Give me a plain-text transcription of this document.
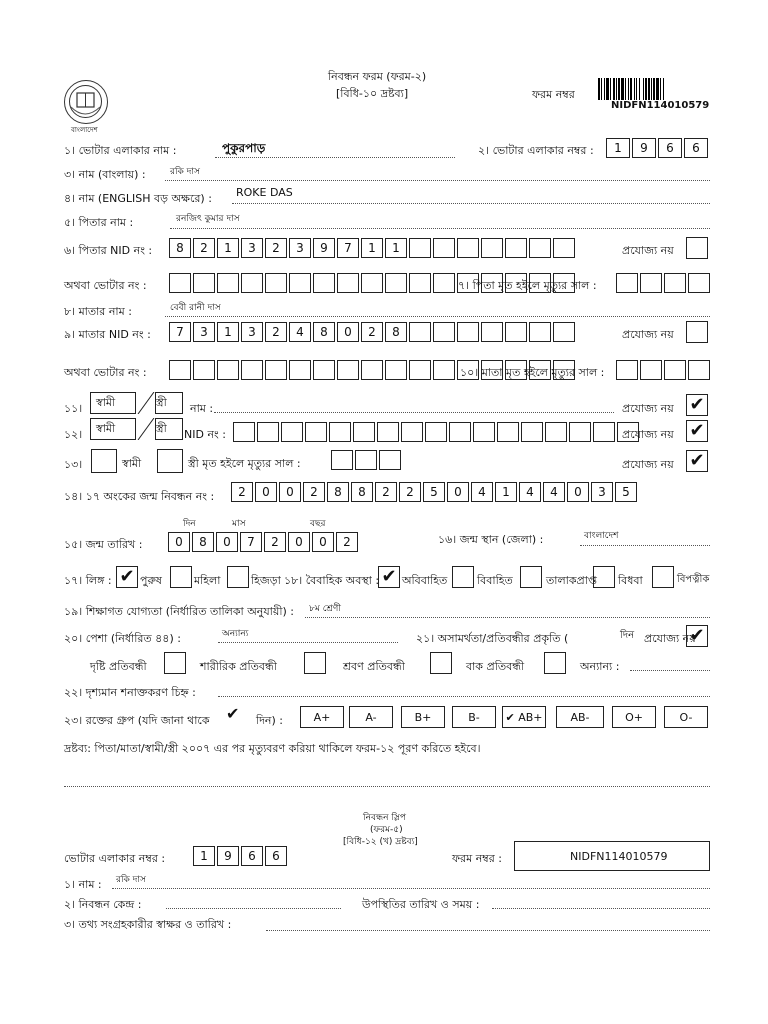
বাংলাদেশ
নিবন্ধন ফরম (ফরম-২)
[বিধি-১০ দ্রষ্টব্য]	ফরম নম্বর
NIDFN114010579
১। ভোটার এলাকার নাম :	পুকুরপাড়	২। ভোটার এলাকার নম্বর :	1	9	6	6
৩। নাম (বাংলায়) :	রকি দাস
৪। নাম (ENGLISH বড় অক্ষরে) : ROKE DAS
৫। পিতার নাম :	রনজিৎ কুমার দাস
৬। পিতার NID নং :	8	2	1	3	2	3	9	7	1	1	প্রযোজ্য নয়
অথবা ভোটার নং :	৭। পিতা মৃত হইলে মৃত্যুর সাল :
৮। মাতার নাম :	বেবী রানী দাস
৯। মাতার NID নং :	7	3	1	3	2	4	8	0	2	8	প্রযোজ্য নয়
অথবা ভোটার নং :	১০। মাতা মৃত হইলে মৃত্যুর সাল :
১১। স্বামী	স্ত্রী নাম :	প্রযোজ্য নয় ✔
১২। স্বামী	স্ত্রী NID নং :	প্রযোজ্য নয় ✔
১৩।	স্বামী	স্ত্রী মৃত হইলে মৃত্যুর সাল :	প্রযোজ্য নয় ✔
১৪। ১৭ অংকের জন্ম নিবন্ধন নং :	2	0	0	2	8	8	2	2	5	0	4	1	4	4	0	3	5
দিন	মাস	বছর
১৫। জন্ম তারিখ :	0	8	0	7	2	0	0	2	১৬। জন্ম স্থান (জেলা) :	বাংলাদেশ
১৭। লিঙ্গ : ✔ পুরুষ	মহিলা	হিজড়া ১৮। বৈবাহিক অবস্থা : ✔ অবিবাহিত	বিবাহিত	তালাকপ্রাপ্ত বিধবা	বিপত্নীক
১৯। শিক্ষাগত যোগ্যতা (নির্ধারিত তালিকা অনুযায়ী) : ৮ম শ্রেণী
২০। পেশা (নির্ধারিত ৪৪) :	অন্যান্য	২১। অসামর্থতা/প্রতিবন্ধীর প্রকৃতি (	প্রযোজ্য নয়
দিন	✔
দৃষ্টি প্রতিবন্ধী	শারীরিক প্রতিবন্ধী	শ্রবণ প্রতিবন্ধী	বাক প্রতিবন্ধী	অন্যান্য :
২২। দৃশ্যমান শনাক্তকরণ চিহ্ন :
২৩। রক্তের গ্রুপ (যদি জানা থাকে ✔ দিন) :	A+	A-	B+	B-	✔ AB+	AB-	O+	O-
দ্রষ্টব্য: পিতা/মাতা/স্বামী/স্ত্রী ২০০৭ এর পর মৃত্যুবরণ করিয়া থাকিলে ফরম-১২ পূরণ করিতে হইবে।
নিবন্ধন স্লিপ
(ফরম-৫)
[বিধি-১২ (খ) দ্রষ্টব্য]
ভোটার এলাকার নম্বর :	1	9	6	6	ফরম নম্বর :	NIDFN114010579
১। নাম : রকি দাস
২। নিবন্ধন কেন্দ্র :	উপস্থিতির তারিখ ও সময় :
৩। তথ্য সংগ্রহকারীর স্বাক্ষর ও তারিখ :
